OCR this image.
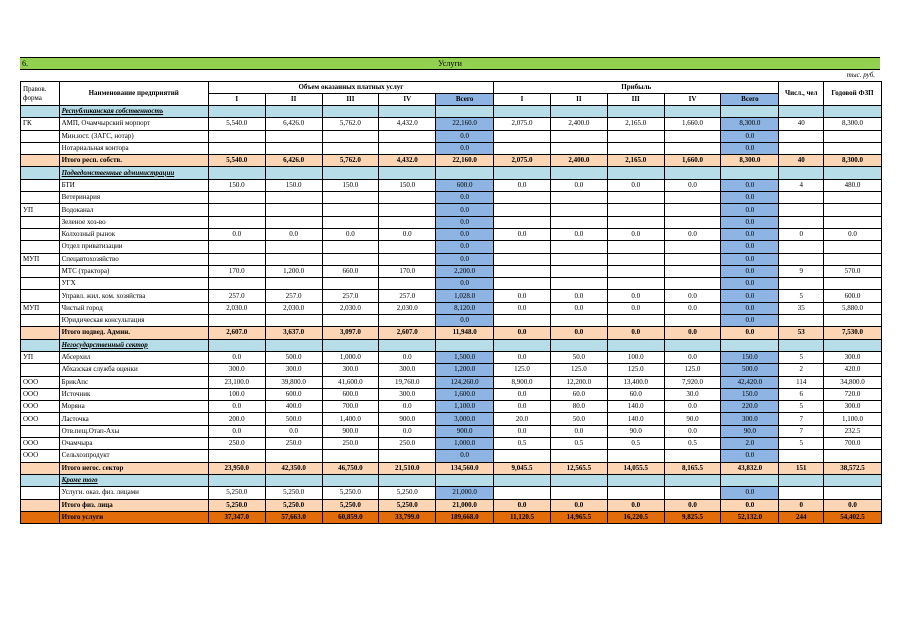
6.	Услуги
тыс. руб.
Правов. форма	Наименование предприятий	Объем оказанных платных услуг					Прибыль					Числ., чел	Годовой ФЗП
		I	II	III	IV	Всего	I	II	III	IV	Всего		
	Республиканская собственность												
ГК	АМП, Очамчырский морпорт	5,540.0	6,426.0	5,762.0	4,432.0	22,160.0	2,075.0	2,400.0	2,165.0	1,660.0	8,300.0	40	8,300.0
	Мин.юст. (ЗАГС, нотар)					0.0					0.0		
	Нотариальная контора					0.0					0.0		
	Итого респ. собств.	5,540.0	6,426.0	5,762.0	4,432.0	22,160.0	2,075.0	2,400.0	2,165.0	1,660.0	8,300.0	40	8,300.0
	Подведомственные администрации												
	БТИ	150.0	150.0	150.0	150.0	600.0	0.0	0.0	0.0	0.0	0.0	4	480.0
	Ветеринария					0.0					0.0		
УП	Водоканал					0.0					0.0		
	Зеленое хоз-во					0.0					0.0		
	Колхозный рынок	0.0	0.0	0.0	0.0	0.0	0.0	0.0	0.0	0.0	0.0	0	0.0
	Отдел приватизации					0.0					0.0		
МУП	Спецавтохозяйство					0.0					0.0		
	МТС (трактора)	170.0	1,200.0	660.0	170.0	2,200.0					0.0	9	570.0
	УГХ					0.0					0.0		
	Управл. жил. ком. хозяйства	257.0	257.0	257.0	257.0	1,028.0	0.0	0.0	0.0	0.0	0.0	5	600.0
МУП	Чистый город	2,030.0	2,030.0	2,030.0	2,030.0	8,120.0	0.0	0.0	0.0	0.0	0.0	35	5,880.0
	Юридическая консультация					0.0					0.0		
	Итого подвед. Админ.	2,607.0	3,637.0	3,097.0	2,607.0	11,948.0	0.0	0.0	0.0	0.0	0.0	53	7,530.0
	Негосударственный сектор												
УП	Абсерхил	0.0	500.0	1,000.0	0.0	1,500.0	0.0	50.0	100.0	0.0	150.0	5	300.0
	Абхазская служба оценки	300.0	300.0	300.0	300.0	1,200.0	125.0	125.0	125.0	125.0	500.0	2	420.0
ООО	БрикАпс	23,100.0	39,800.0	41,600.0	19,760.0	124,260.0	8,900.0	12,200.0	13,400.0	7,920.0	42,420.0	114	34,800.0
ООО	Источник	100.0	600.0	600.0	300.0	1,600.0	0.0	60.0	60.0	30.0	150.0	6	720.0
ООО	Моряна	0.0	400.0	700.0	0.0	1,100.0	0.0	80.0	140.0	0.0	220.0	5	300.0
ООО	Ласточка	200.0	500.0	1,400.0	900.0	3,000.0	20.0	50.0	140.0	90.0	300.0	7	1,100.0
	Отв.пещ.Отап-Ахы	0.0	0.0	900.0	0.0	900.0	0.0	0.0	90.0	0.0	90.0	7	232.5
ООО	Очамчыра	250.0	250.0	250.0	250.0	1,000.0	0.5	0.5	0.5	0.5	2.0	5	700.0
ООО	Сельхозпродукт					0.0					0.0		
	Итого негос. сектор	23,950.0	42,350.0	46,750.0	21,510.0	134,560.0	9,045.5	12,565.5	14,055.5	8,165.5	43,832.0	151	38,572.5
	Кроме того												
	Услуги. оказ. физ. лицами	5,250.0	5,250.0	5,250.0	5,250.0	21,000.0					0.0		
	Итого физ. лица	5,250.0	5,250.0	5,250.0	5,250.0	21,000.0	0.0	0.0	0.0	0.0	0.0	0	0.0
	Итого услуги	37,347.0	57,663.0	60,859.0	33,799.0	189,668.0	11,120.5	14,965.5	16,220.5	9,825.5	52,132.0	244	54,402.5
